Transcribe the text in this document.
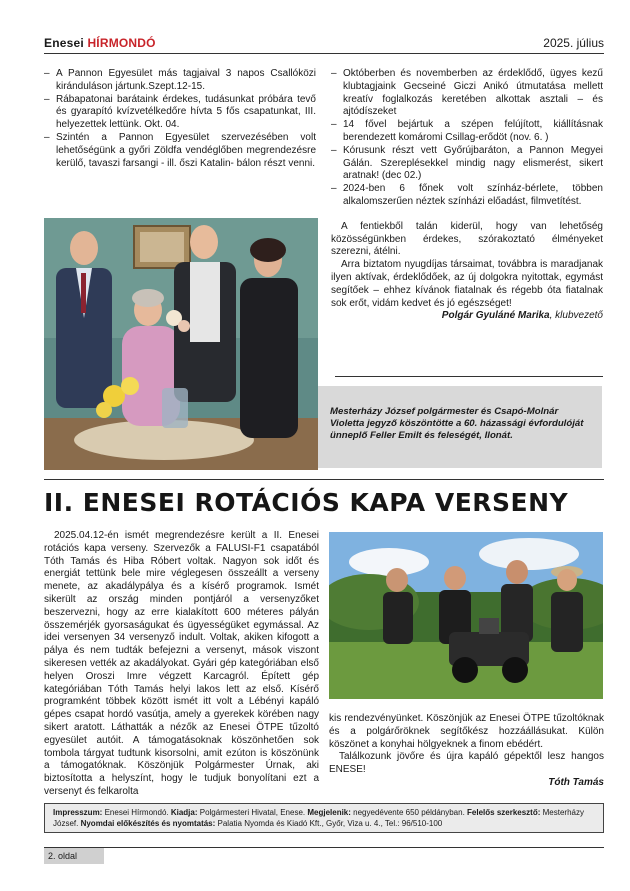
Enesei HÍRMONDÓ	2025. július
– A Pannon Egyesület más tagjaival 3 napos Csallóközi kiránduláson jártunk.Szept.12-15.
– Rábapatonai barátaink érdekes, tudásunkat próbára tevő és gyarapító kvízvetélkedőre hívta 5 fős csapatunkat, III. helyezettek lettünk. Okt. 04.
– Szintén a Pannon Egyesület szervezésében volt lehetőségünk a győri Zöldfa vendéglőben megrendezésre kerülő, tavaszi farsangi - ill. őszi Katalin- bálon részt venni.
– Októberben és novemberben az érdeklődő, ügyes kezű klubtagjaink Gecseiné Giczi Anikó útmutatása mellett kreatív foglalkozás keretében alkottak asztali – és ajtódíszeket
– 14 fővel bejártuk a szépen felújított, kiállításnak berendezett komáromi Csillag-erődöt (nov. 6. )
– Kórusunk részt vett Győrújbaráton, a Pannon Megyei Gálán. Szereplésekkel mindig nagy elismerést, sikert aratnak! (dec 02.)
– 2024-ben 6 főnek volt színház-bérlete, többen alkalomszerűen néztek színházi előadást, filmvetítést.

A fentiekből talán kiderül, hogy van lehetőség közösségünkben érdekes, szórakoztató élményeket szerezni, átélni.

Arra biztatom nyugdíjas társaimat, továbbra is maradjanak ilyen aktívak, érdeklődőek, az új dolgokra nyitottak, egymást segítőek – ehhez kívánok fiatalnak és régebb óta fiatalnak sok erőt, vidám kedvet és jó egészséget!

Polgár Gyuláné Marika, klubvezető
Mesterházy József polgármester és Csapó-Molnár Violetta jegyző köszöntötte a 60. házassági évfordulóját ünneplő Feller Emilt és feleségét, Ilonát.
II. ENESEI ROTÁCIÓS KAPA VERSENY

2025.04.12-én ismét megrendezésre került a II. Enesei rotációs kapa verseny. Szervezők a FALUSI-F1 csapatából Tóth Tamás és Hiba Róbert voltak. Nagyon sok időt és energiát tettünk bele mire véglegesen összeállt a verseny menete, az akadálypálya és a kísérő programok. Ismét sikerült az ország minden pontjáról a versenyzőket beszervezni, hogy az erre kialakított 600 méteres pályán összemérjék gyorsaságukat és ügyességüket egymással. Az idei versenyen 34 versenyző indult. Voltak, akiken kifogott a pálya és nem tudták befejezni a versenyt, mások viszont sikeresen vették az akadályokat. Gyári gép kategóriában első helyen Oroszi Imre végzett Karcagról. Épített gép kategóriában Tóth Tamás helyi lakos lett az első. Kísérő programként többek között ismét itt volt a Lébényi kapáló gépes csapat hordó vasútja, amely a gyerekek körében nagy sikert aratott. Láthatták a nézők az Enesei ÖTPE tűzoltó egyesület autóit. A támogatásoknak köszönhetően sok tombola tárgyat tudtunk kisorsolni, amit ezúton is köszönünk a támogatóknak. Köszönjük Polgármester Úrnak, aki biztosította a helyszínt, hogy le tudjuk bonyolítani ezt a versenyt és felkarolta

kis rendezvényünket. Köszönjük az Enesei ÖTPE tűzoltóknak és a polgárőröknek segítőkész hozzáállásukat. Külön köszönet a konyhai hölgyeknek a finom ebédért.

Találkozunk jövőre és újra kapáló gépektől lesz hangos ENESE!

Tóth Tamás
Impresszum: Enesei Hírmondó. Kiadja: Polgármesteri Hivatal, Enese. Megjelenik: negyedévente 650 példányban. Felelős szerkesztő: Mesterházy József. Nyomdai előkészítés és nyomtatás: Palatia Nyomda és Kiadó Kft., Győr, Viza u. 4., Tel.: 96/510-100
2. oldal
